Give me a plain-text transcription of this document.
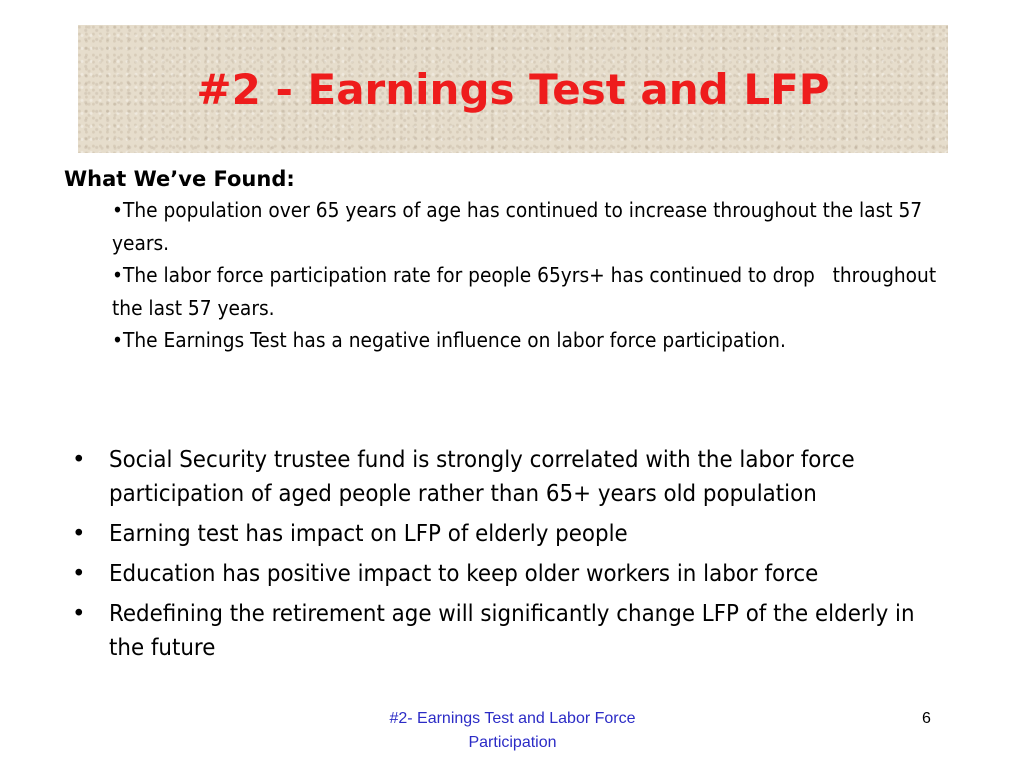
#2 - Earnings Test and LFP

What We’ve Found:

•The population over 65 years of age has continued to increase throughout the last 57 years.
•The labor force participation rate for people 65yrs+ has continued to drop   throughout the last 57 years.
•The Earnings Test has a negative influence on labor force participation.
• Social Security trustee fund is strongly correlated with the labor force participation of aged people rather than 65+ years old population
• Earning test has impact on LFP of elderly people
• Education has positive impact to keep older workers in labor force
• Redefining the retirement age will significantly change LFP of the elderly in the future
#2- Earnings Test and Labor Force Participation
6
